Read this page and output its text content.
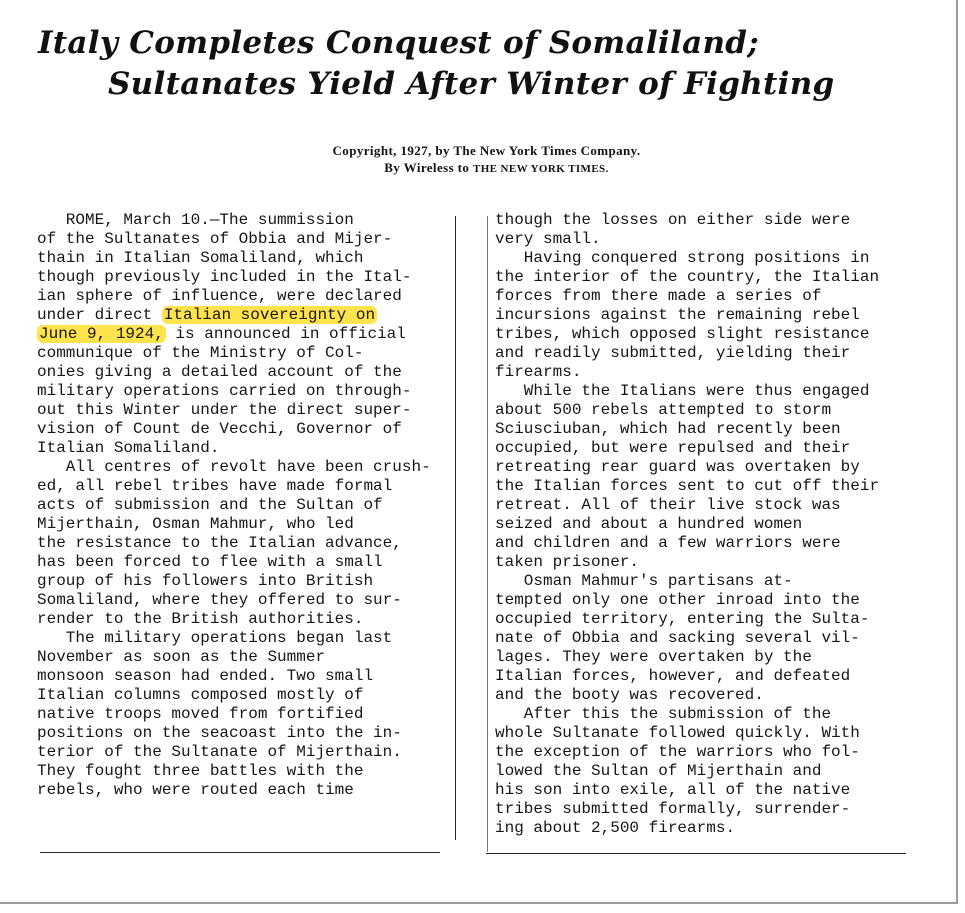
Italy Completes Conquest of Somaliland;
Sultanates Yield After Winter of Fighting
Copyright, 1927, by The New York Times Company.
By Wireless to THE NEW YORK TIMES.
ROME, March 10.—The summission
of the Sultanates of Obbia and Mijer-
thain in Italian Somaliland, which
though previously included in the Ital-
ian sphere of influence, were declared
under direct Italian sovereignty on
June 9, 1924, is announced in official
communique of the Ministry of Col-
onies giving a detailed account of the
military operations carried on through-
out this Winter under the direct super-
vision of Count de Vecchi, Governor of
Italian Somaliland.
All centres of revolt have been crush-
ed, all rebel tribes have made formal
acts of submission and the Sultan of
Mijerthain, Osman Mahmur, who led
the resistance to the Italian advance,
has been forced to flee with a small
group of his followers into British
Somaliland, where they offered to sur-
render to the British authorities.
The military operations began last
November as soon as the Summer
monsoon season had ended. Two small
Italian columns composed mostly of
native troops moved from fortified
positions on the seacoast into the in-
terior of the Sultanate of Mijerthain.
They fought three battles with the
rebels, who were routed each time
though the losses on either side were
very small.
Having conquered strong positions in
the interior of the country, the Italian
forces from there made a series of
incursions against the remaining rebel
tribes, which opposed slight resistance
and readily submitted, yielding their
firearms.
While the Italians were thus engaged
about 500 rebels attempted to storm
Sciusciuban, which had recently been
occupied, but were repulsed and their
retreating rear guard was overtaken by
the Italian forces sent to cut off their
retreat. All of their live stock was
seized and about a hundred women
and children and a few warriors were
taken prisoner.
Osman Mahmur's partisans at-
tempted only one other inroad into the
occupied territory, entering the Sulta-
nate of Obbia and sacking several vil-
lages. They were overtaken by the
Italian forces, however, and defeated
and the booty was recovered.
After this the submission of the
whole Sultanate followed quickly. With
the exception of the warriors who fol-
lowed the Sultan of Mijerthain and
his son into exile, all of the native
tribes submitted formally, surrender-
ing about 2,500 firearms.
